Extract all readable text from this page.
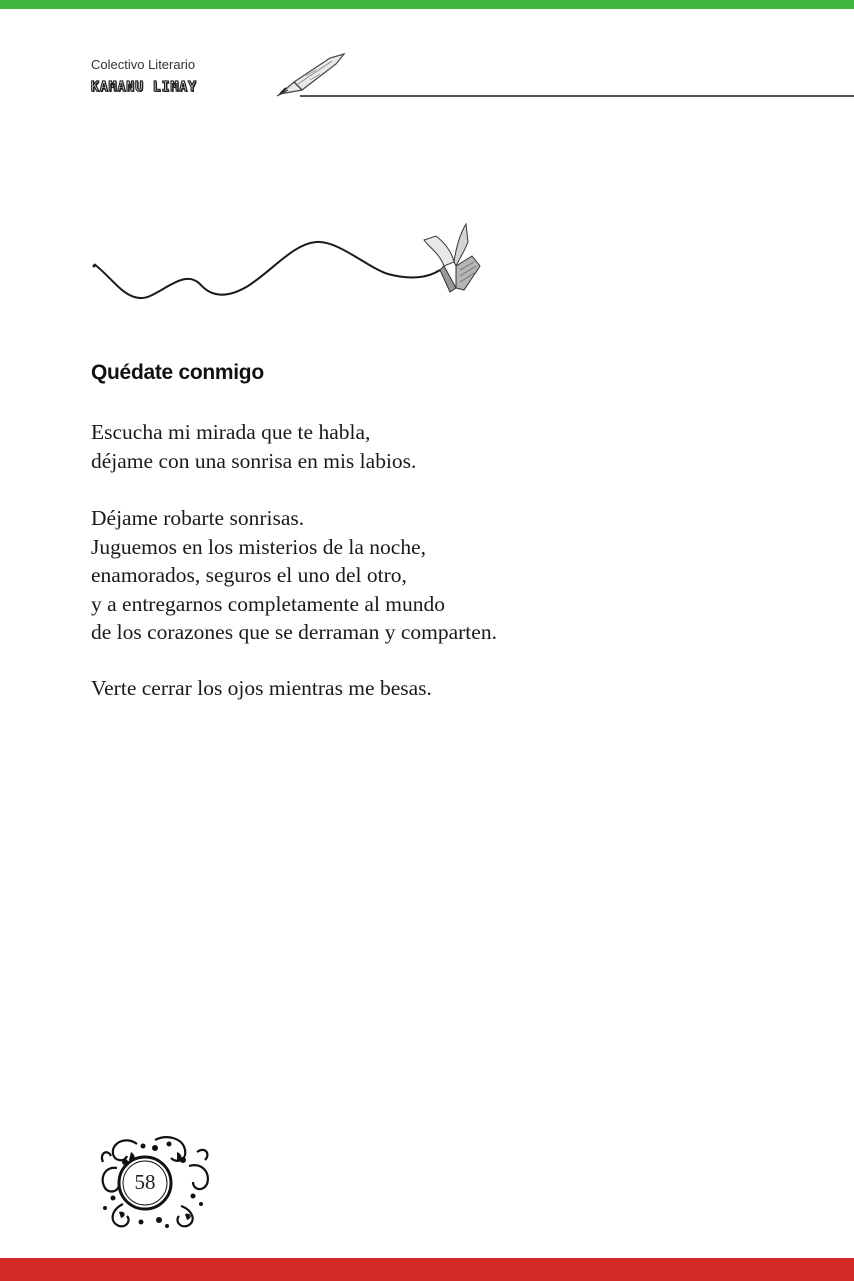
Colectivo Literario
KAMANU LIMAY
Quédate conmigo

Escucha mi mirada que te habla,
déjame con una sonrisa en mis labios.

Déjame robarte sonrisas.
Juguemos en los misterios de la noche,
enamorados, seguros el uno del otro,
y a entregarnos completamente al mundo
de los corazones que se derraman y comparten.

Verte cerrar los ojos mientras me besas.

58
